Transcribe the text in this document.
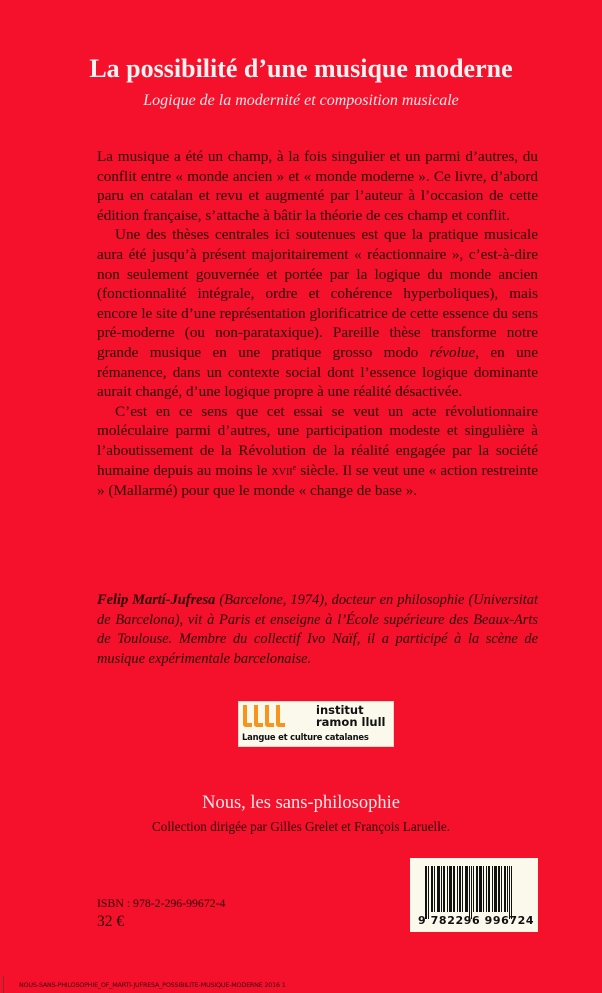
La possibilité d’une musique moderne
Logique de la modernité et composition musicale

La musique a été un champ, à la fois singulier et un parmi d’autres, du conflit entre « monde ancien » et « monde moderne ». Ce livre, d’abord paru en catalan et revu et augmenté par l’auteur à l’occasion de cette édition française, s’attache à bâtir la théorie de ces champ et conflit.

Une des thèses centrales ici soutenues est que la pratique musicale aura été jusqu’à présent majoritairement « réactionnaire », c’est-à-dire non seulement gouvernée et portée par la logique du monde ancien (fonctionnalité intégrale, ordre et cohérence hyperboliques), mais encore le site d’une représentation glorificatrice de cette essence du sens pré-moderne (ou non-parataxique). Pareille thèse transforme notre grande musique en une pratique grosso modo révolue, en une rémanence, dans un contexte social dont l’essence logique dominante aurait changé, d’une logique propre à une réalité désactivée.

C’est en ce sens que cet essai se veut un acte révolutionnaire moléculaire parmi d’autres, une participation modeste et singulière à l’aboutissement de la Révolution de la réalité engagée par la société humaine depuis au moins le xvii$^e$ siècle. Il se veut une « action restreinte » (Mallarmé) pour que le monde « change de base ».

Felip Martí-Jufresa (Barcelone, 1974), docteur en philosophie (Universitat de Barcelona), vit à Paris et enseigne à l’École supérieure des Beaux-Arts de Toulouse. Membre du collectif Ivo Naïf, il a participé à la scène de musique expérimentale barcelonaise.
institut
ramon llull
Langue et culture catalanes
Nous, les sans-philosophie
Collection dirigée par Gilles Grelet et François Laruelle.
ISBN : 978-2-296-99672-4
32 €	9 782296 996724
NOUS-SANS-PHILOSOPHIE_OF_MARTI-JUFRESA_POSSIBILITE-MUSIQUE-MODERNE 2016 1
